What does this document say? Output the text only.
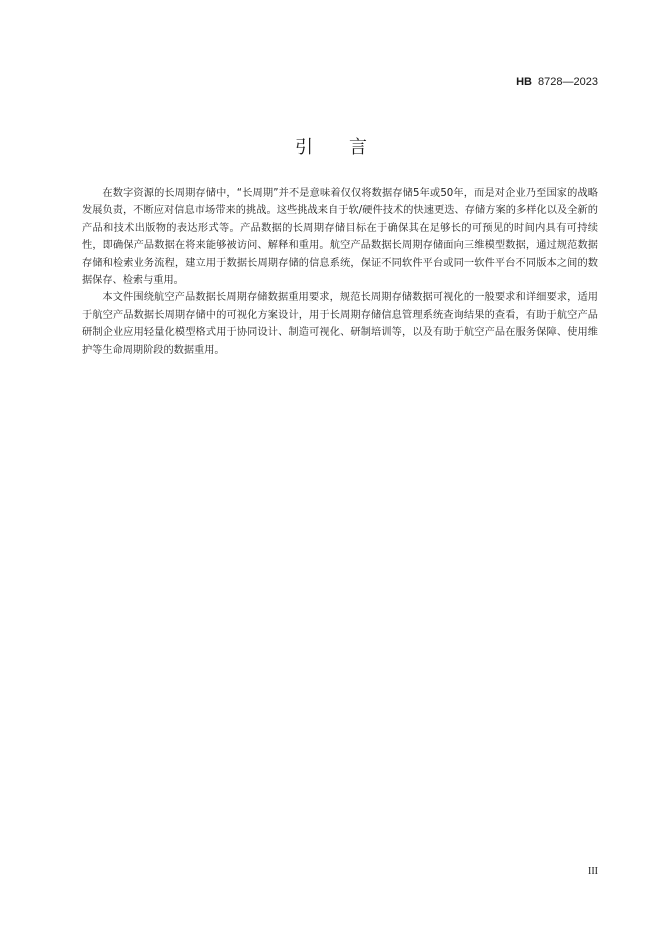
HB 8728—2023
引言

在数字资源的长周期存储中，“长周期”并不是意味着仅仅将数据存储5年或50年，而是对企业乃至国家的战略发展负责，不断应对信息市场带来的挑战。这些挑战来自于软/硬件技术的快速更迭、存储方案的多样化以及全新的产品和技术出版物的表达形式等。产品数据的长周期存储目标在于确保其在足够长的可预见的时间内具有可持续性，即确保产品数据在将来能够被访问、解释和重用。航空产品数据长周期存储面向三维模型数据，通过规范数据存储和检索业务流程，建立用于数据长周期存储的信息系统，保证不同软件平台或同一软件平台不同版本之间的数据保存、检索与重用。

本文件围绕航空产品数据长周期存储数据重用要求，规范长周期存储数据可视化的一般要求和详细要求，适用于航空产品数据长周期存储中的可视化方案设计，用于长周期存储信息管理系统查询结果的查看，有助于航空产品研制企业应用轻量化模型格式用于协同设计、制造可视化、研制培训等，以及有助于航空产品在服务保障、使用维护等生命周期阶段的数据重用。

III
